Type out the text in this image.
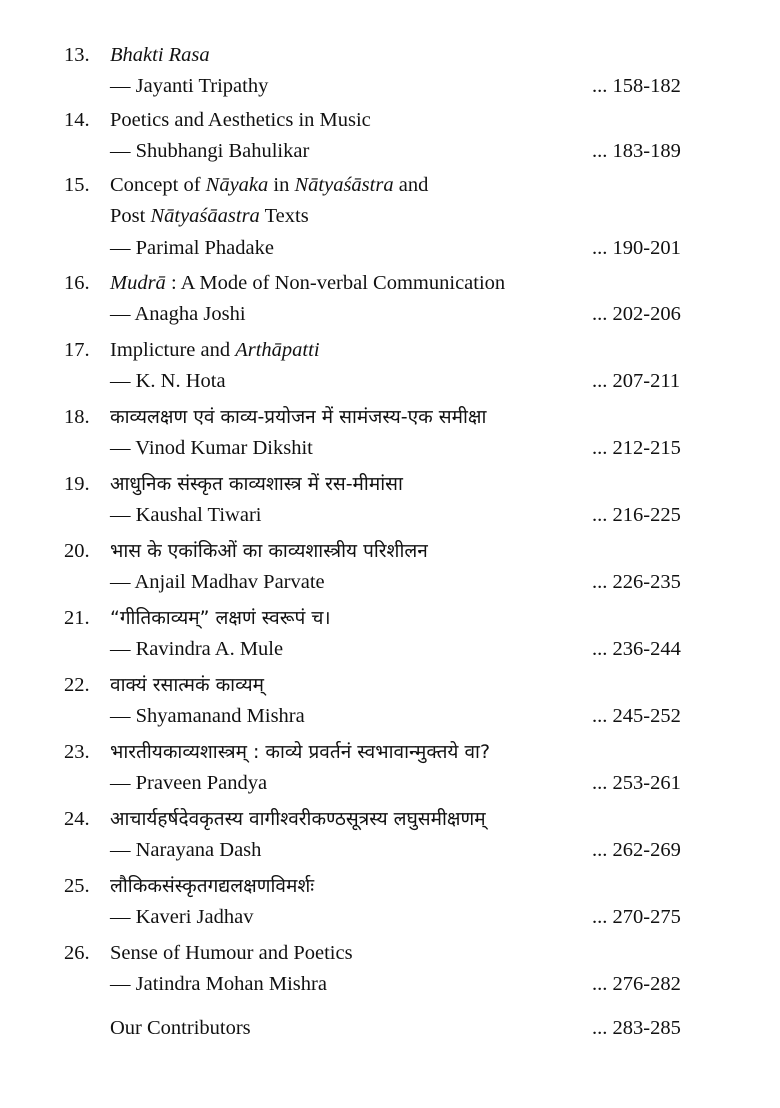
13. Bhakti Rasa
— Jayanti Tripathy	... 158-182
14. Poetics and Aesthetics in Music
— Shubhangi Bahulikar	... 183-189
15. Concept of Nāyaka in Nātyaśāstra and
Post Nātyaśāastra Texts
— Parimal Phadake	... 190-201
16. Mudrā : A Mode of Non-verbal Communication
— Anagha Joshi	... 202-206
17. Implicture and Arthāpatti
— K. N. Hota	... 207-211
18.	काव्यलक्षण एवं काव्य-प्रयोजन में सामंजस्य-एक समीक्षा
— Vinod Kumar Dikshit	... 212-215
19.	आधुनिक संस्कृत काव्यशास्त्र में रस-मीमांसा
— Kaushal Tiwari	... 216-225
20.	भास के एकांकिओं का काव्यशास्त्रीय परिशीलन
— Anjail Madhav Parvate	... 226-235
21.	“गीतिकाव्यम्” लक्षणं स्वरूपं च।
— Ravindra A. Mule	... 236-244
22.	वाक्यं रसात्मकं काव्यम्
— Shyamanand Mishra	... 245-252
23.	भारतीयकाव्यशास्त्रम् : काव्ये प्रवर्तनं स्वभावान्मुक्तये वा?
— Praveen Pandya	... 253-261
24.	आचार्यहर्षदेवकृतस्य वागीश्वरीकण्ठसूत्रस्य लघुसमीक्षणम्
— Narayana Dash	... 262-269
25.	लौकिकसंस्कृतगद्यलक्षणविमर्शः
— Kaveri Jadhav	... 270-275
26. Sense of Humour and Poetics
— Jatindra Mohan Mishra	... 276-282
Our Contributors	... 283-285
